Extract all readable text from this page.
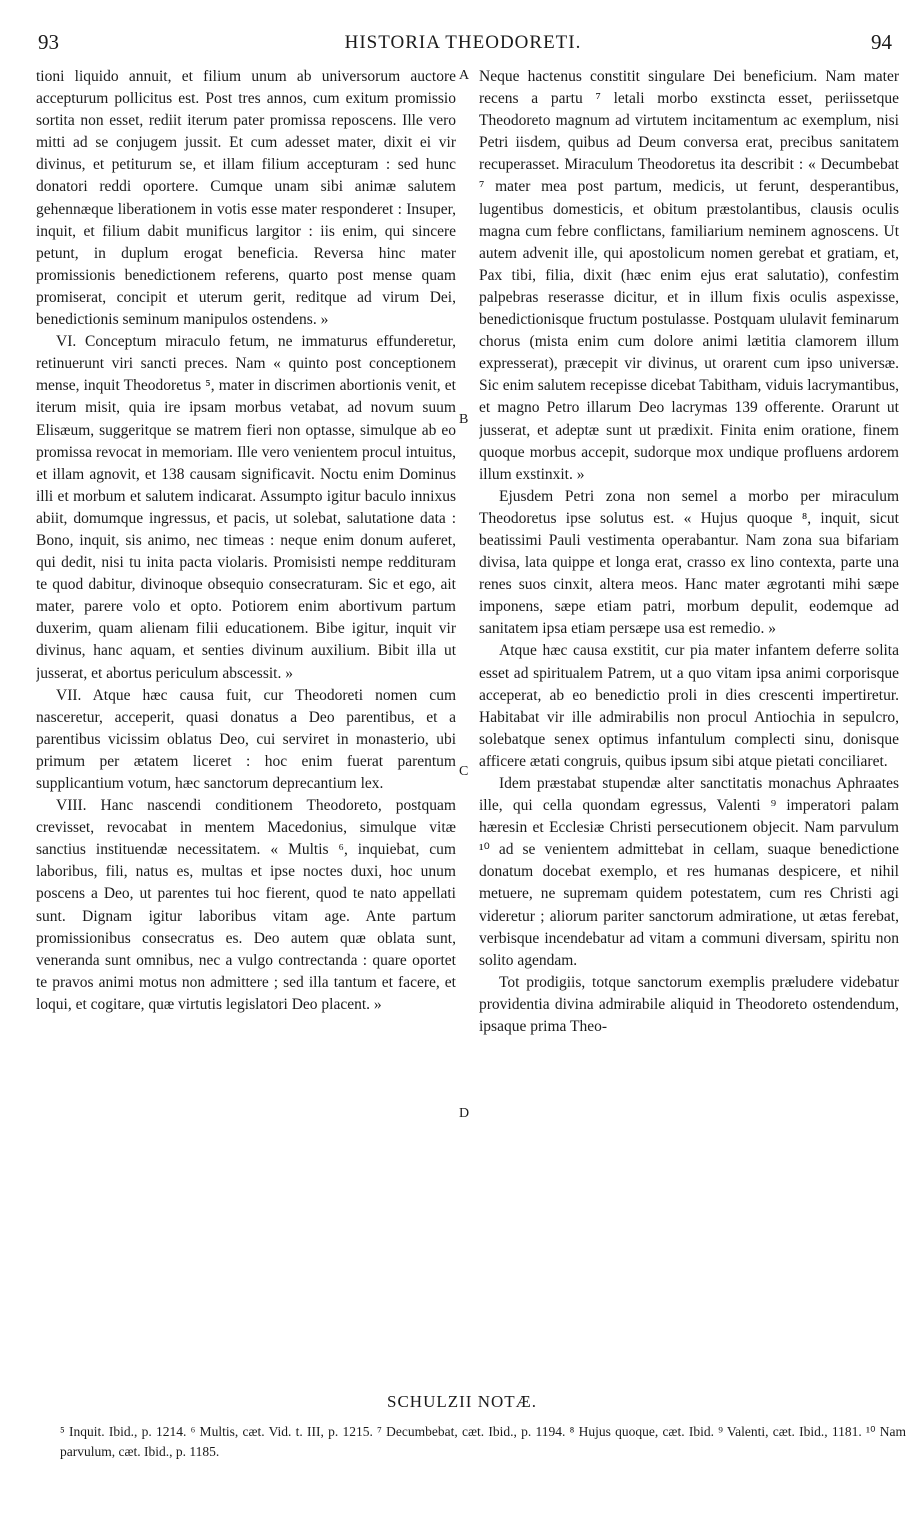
93	HISTORIA THEODORETI.	94

tioni liquido annuit, et filium unum ab universorum auctore accepturum pollicitus est. Post tres annos, cum exitum promissio sortita non esset, rediit iterum pater promissa reposcens. Ille vero mitti ad se conjugem jussit. Et cum adesset mater, dixit ei vir divinus, et petiturum se, et illam filium accepturam : sed hunc donatori reddi oportere. Cumque unam sibi animæ salutem gehennæque liberationem in votis esse mater responderet : Insuper, inquit, et filium dabit munificus largitor : iis enim, qui sincere petunt, in duplum erogat beneficia. Reversa hinc mater promissionis benedictionem referens, quarto post mense quam promiserat, concipit et uterum gerit, reditque ad virum Dei, benedictionis seminum manipulos ostendens. »

VI. Conceptum miraculo fetum, ne immaturus effunderetur, retinuerunt viri sancti preces. Nam « quinto post conceptionem mense, inquit Theodoretus ⁵, mater in discrimen abortionis venit, et iterum misit, quia ire ipsam morbus vetabat, ad novum suum Elisæum, suggeritque se matrem fieri non optasse, simulque ab eo promissa revocat in memoriam. Ille vero venientem procul intuitus, et illam agnovit, et 138 causam significavit. Noctu enim Dominus illi et morbum et salutem indicarat. Assumpto igitur baculo innixus abiit, domumque ingressus, et pacis, ut solebat, salutatione data : Bono, inquit, sis animo, nec timeas : neque enim donum auferet, qui dedit, nisi tu inita pacta violaris. Promisisti nempe reddituram te quod dabitur, divinoque obsequio consecraturam. Sic et ego, ait mater, parere volo et opto. Potiorem enim abortivum partum duxerim, quam alienam filii educationem. Bibe igitur, inquit vir divinus, hanc aquam, et senties divinum auxilium. Bibit illa ut jusserat, et abortus periculum abscessit. »

VII. Atque hæc causa fuit, cur Theodoreti nomen cum nasceretur, acceperit, quasi donatus a Deo parentibus, et a parentibus vicissim oblatus Deo, cui serviret in monasterio, ubi primum per ætatem liceret : hoc enim fuerat parentum supplicantium votum, hæc sanctorum deprecantium lex.

VIII. Hanc nascendi conditionem Theodoreto, postquam crevisset, revocabat in mentem Macedonius, simulque vitæ sanctius instituendæ necessitatem. « Multis ⁶, inquiebat, cum laboribus, fili, natus es, multas et ipse noctes duxi, hoc unum poscens a Deo, ut parentes tui hoc fierent, quod te nato appellati sunt. Dignam igitur laboribus vitam age. Ante partum promissionibus consecratus es. Deo autem quæ oblata sunt, veneranda sunt omnibus, nec a vulgo contrectanda : quare oportet te pravos animi motus non admittere ; sed illa tantum et facere, et loqui, et cogitare, quæ virtutis legislatori Deo placent. »

A
B
C
D

Neque hactenus constitit singulare Dei beneficium. Nam mater recens a partu ⁷ letali morbo exstincta esset, periissetque Theodoreto magnum ad virtutem incitamentum ac exemplum, nisi Petri iisdem, quibus ad Deum conversa erat, precibus sanitatem recuperasset. Miraculum Theodoretus ita describit : « Decumbebat ⁷ mater mea post partum, medicis, ut ferunt, desperantibus, lugentibus domesticis, et obitum præstolantibus, clausis oculis magna cum febre conflictans, familiarium neminem agnoscens. Ut autem advenit ille, qui apostolicum nomen gerebat et gratiam, et, Pax tibi, filia, dixit (hæc enim ejus erat salutatio), confestim palpebras reserasse dicitur, et in illum fixis oculis aspexisse, benedictionisque fructum postulasse. Postquam ululavit feminarum chorus (mista enim cum dolore animi lætitia clamorem illum expresserat), præcepit vir divinus, ut orarent cum ipso universæ. Sic enim salutem recepisse dicebat Tabitham, viduis lacrymantibus, et magno Petro illarum Deo lacrymas 139 offerente. Orarunt ut jusserat, et adeptæ sunt ut prædixit. Finita enim oratione, finem quoque morbus accepit, sudorque mox undique profluens ardorem illum exstinxit. »

Ejusdem Petri zona non semel a morbo per miraculum Theodoretus ipse solutus est. « Hujus quoque ⁸, inquit, sicut beatissimi Pauli vestimenta operabantur. Nam zona sua bifariam divisa, lata quippe et longa erat, crasso ex lino contexta, parte una renes suos cinxit, altera meos. Hanc mater ægrotanti mihi sæpe imponens, sæpe etiam patri, morbum depulit, eodemque ad sanitatem ipsa etiam persæpe usa est remedio. »

Atque hæc causa exstitit, cur pia mater infantem deferre solita esset ad spiritualem Patrem, ut a quo vitam ipsa animi corporisque acceperat, ab eo benedictio proli in dies crescenti impertiretur. Habitabat vir ille admirabilis non procul Antiochia in sepulcro, solebatque senex optimus infantulum complecti sinu, donisque afficere ætati congruis, quibus ipsum sibi atque pietati conciliaret.

Idem præstabat stupendæ alter sanctitatis monachus Aphraates ille, qui cella quondam egressus, Valenti ⁹ imperatori palam hæresin et Ecclesiæ Christi persecutionem objecit. Nam parvulum ¹⁰ ad se venientem admittebat in cellam, suaque benedictione donatum docebat exemplo, et res humanas despicere, et nihil metuere, ne supremam quidem potestatem, cum res Christi agi videretur ; aliorum pariter sanctorum admiratione, ut ætas ferebat, verbisque incendebatur ad vitam a communi diversam, spiritu non solito agendam.

Tot prodigiis, totque sanctorum exemplis præludere videbatur providentia divina admirabile aliquid in Theodoreto ostendendum, ipsaque prima Theo-

SCHULZII NOTÆ.
⁵ Inquit. Ibid., p. 1214. ⁶ Multis, cæt. Vid. t. III, p. 1215. ⁷ Decumbebat, cæt. Ibid., p. 1194. ⁸ Hujus quoque, cæt. Ibid. ⁹ Valenti, cæt. Ibid., 1181. ¹⁰ Nam parvulum, cæt. Ibid., p. 1185.
